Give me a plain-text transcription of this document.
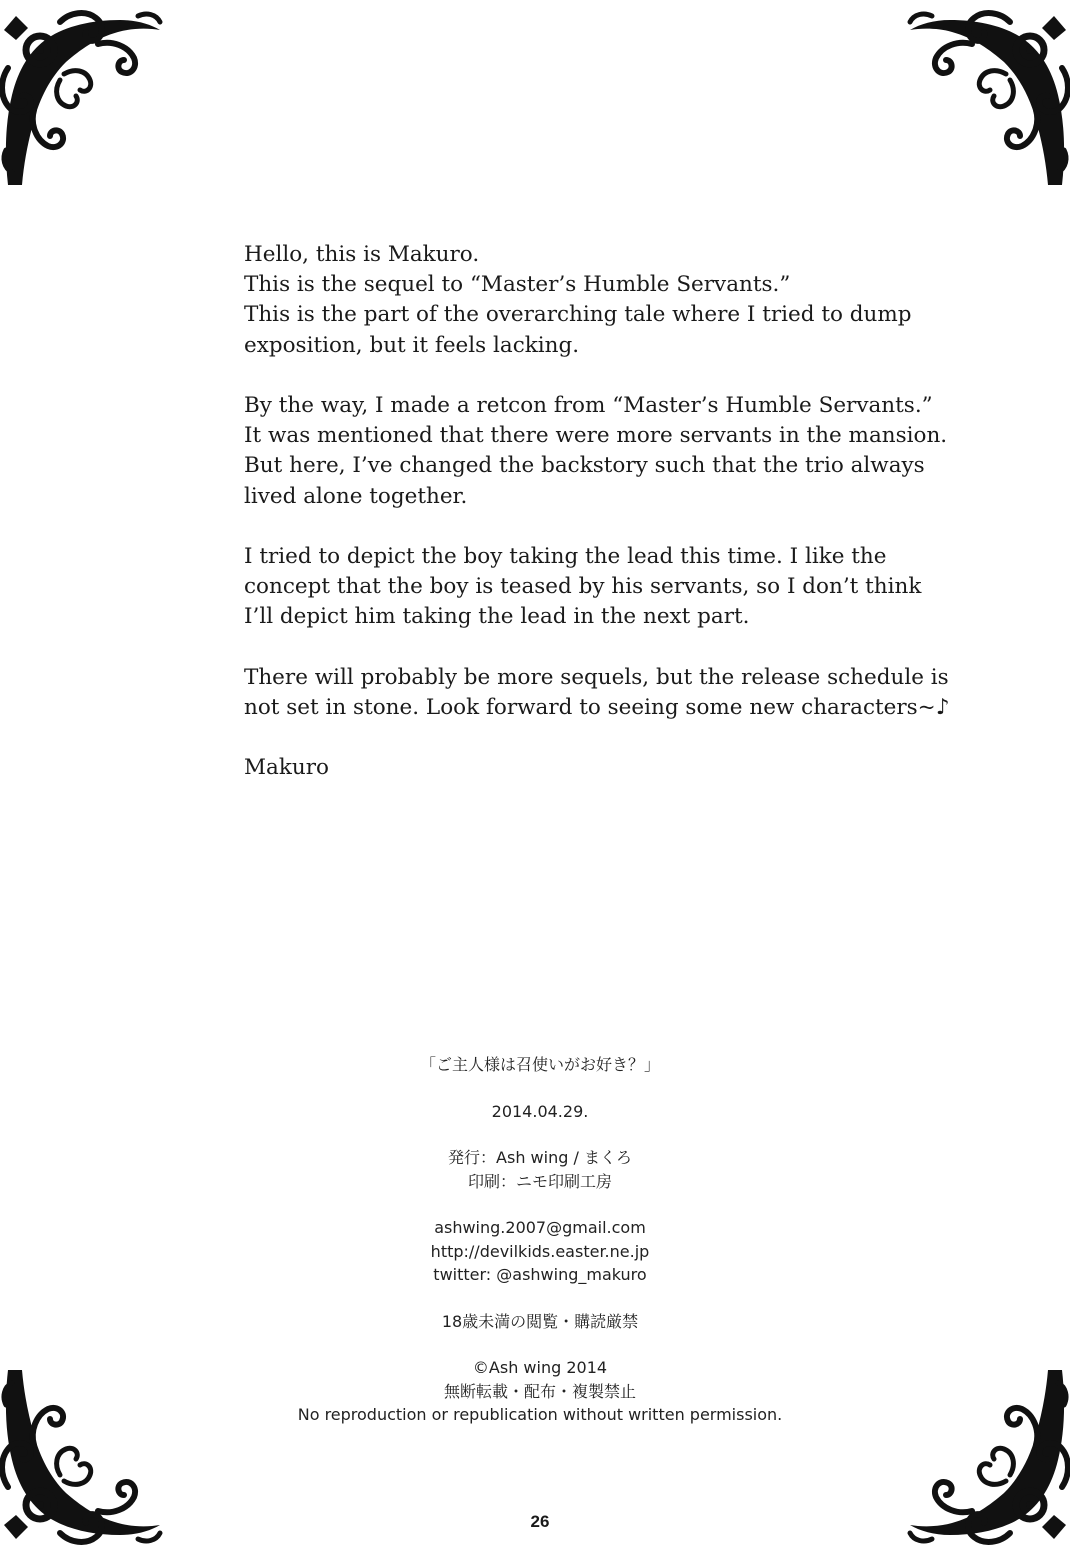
Hello, this is Makuro.
This is the sequel to “Master’s Humble Servants.”
This is the part of the overarching tale where I tried to dump
exposition, but it feels lacking.

By the way, I made a retcon from “Master’s Humble Servants.”
It was mentioned that there were more servants in the mansion.
But here, I’ve changed the backstory such that the trio always
lived alone together.

I tried to depict the boy taking the lead this time. I like the
concept that the boy is teased by his servants, so I don’t think
I’ll depict him taking the lead in the next part.

There will probably be more sequels, but the release schedule is
not set in stone. Look forward to seeing some new characters~♪

Makuro

「ご主人様は召使いがお好き？」
2014.04.29.
発行：Ash wing / まくろ
印刷：ニモ印刷工房
ashwing.2007@gmail.com
http://devilkids.easter.ne.jp
twitter: @ashwing_makuro
18歳未満の閲覧・購読厳禁
©Ash wing 2014
無断転載・配布・複製禁止
No reproduction or republication without written permission.
26
